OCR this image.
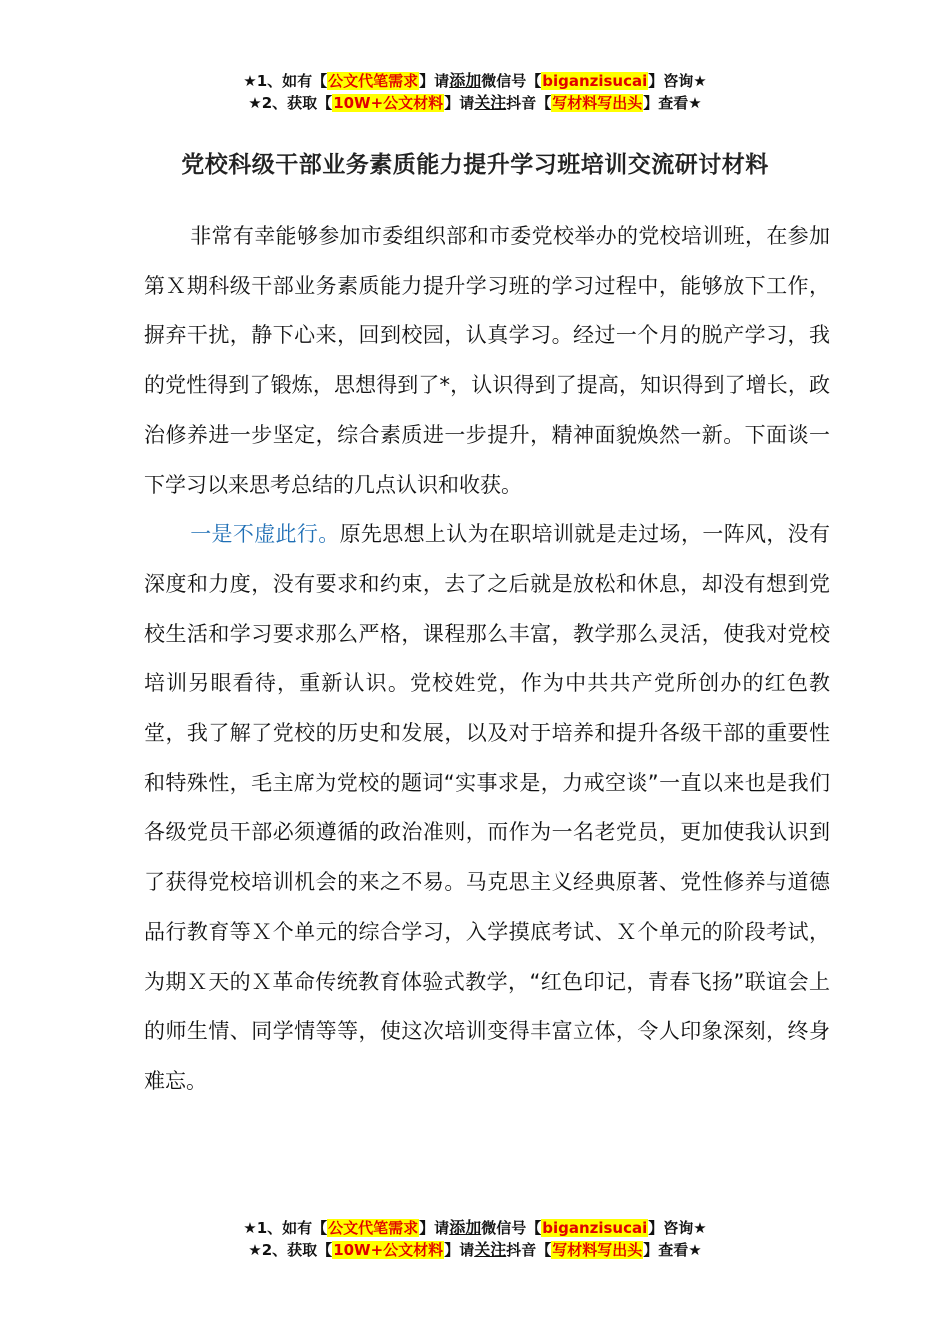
★1、如有【公文代笔需求】请添加微信号【biganzisucai】咨询★
★2、获取【10W+公文材料】请关注抖音【写材料写出头】查看★
党校科级干部业务素质能力提升学习班培训交流研讨材料

非常有幸能够参加市委组织部和市委党校举办的党校培训班，在参加第Ｘ期科级干部业务素质能力提升学习班的学习过程中，能够放下工作，摒弃干扰，静下心来，回到校园，认真学习。经过一个月的脱产学习，我的党性得到了锻炼，思想得到了*，认识得到了提高，知识得到了增长，政治修养进一步坚定，综合素质进一步提升，精神面貌焕然一新。下面谈一下学习以来思考总结的几点认识和收获。

一是不虚此行。原先思想上认为在职培训就是走过场，一阵风，没有深度和力度，没有要求和约束，去了之后就是放松和休息，却没有想到党校生活和学习要求那么严格，课程那么丰富，教学那么灵活，使我对党校培训另眼看待，重新认识。党校姓党，作为中共共产党所创办的红色教堂，我了解了党校的历史和发展，以及对于培养和提升各级干部的重要性和特殊性，毛主席为党校的题词“实事求是，力戒空谈”一直以来也是我们各级党员干部必须遵循的政治准则，而作为一名老党员，更加使我认识到了获得党校培训机会的来之不易。马克思主义经典原著、党性修养与道德品行教育等Ｘ个单元的综合学习，入学摸底考试、Ｘ个单元的阶段考试，为期Ｘ天的Ｘ革命传统教育体验式教学，“红色印记，青春飞扬”联谊会上的师生情、同学情等等，使这次培训变得丰富立体，令人印象深刻，终身难忘。

★1、如有【公文代笔需求】请添加微信号【biganzisucai】咨询★
★2、获取【10W+公文材料】请关注抖音【写材料写出头】查看★
